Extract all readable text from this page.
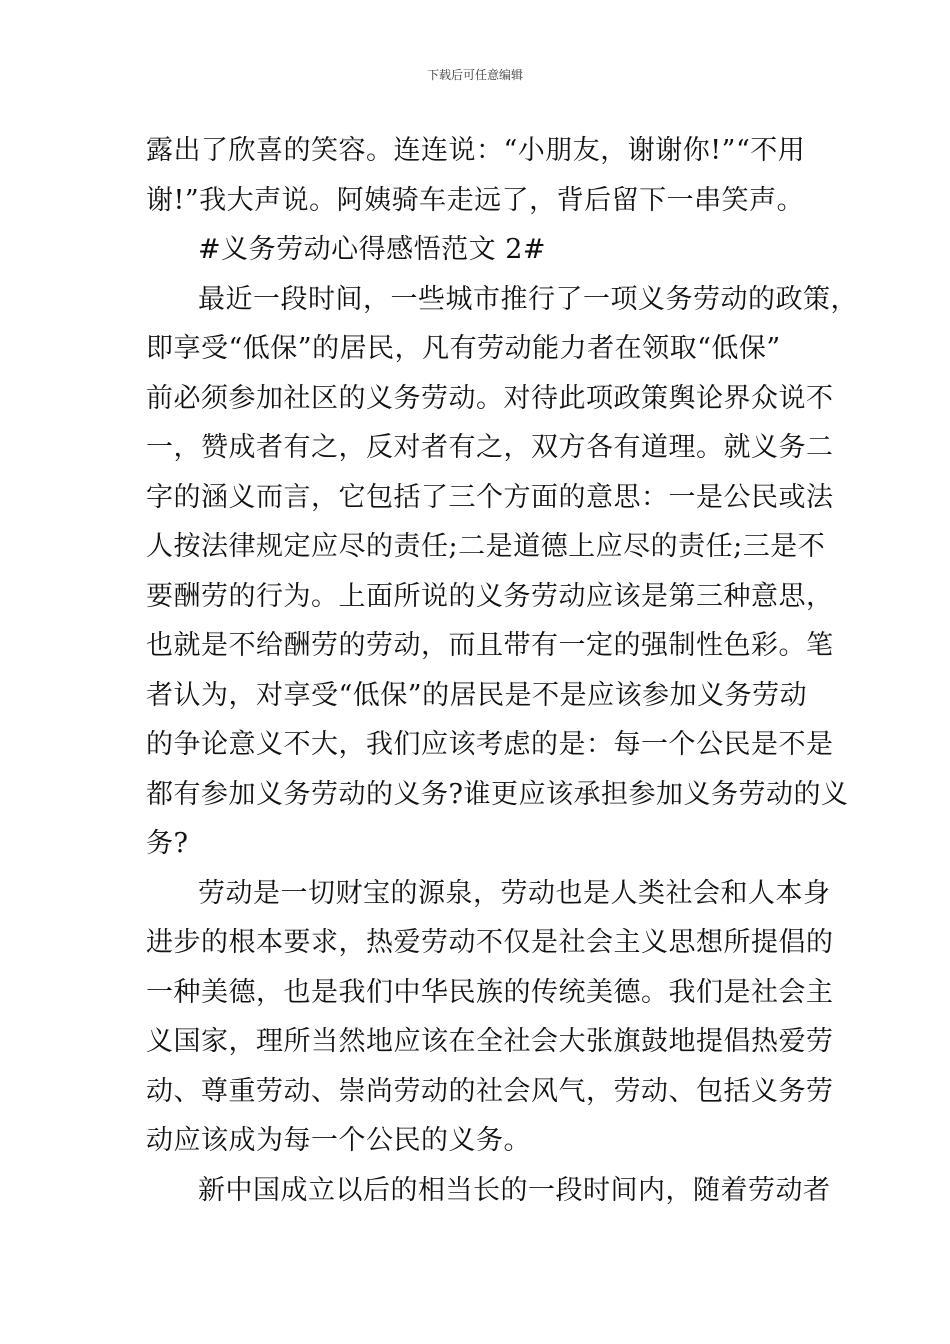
下载后可任意编辑
露出了欣喜的笑容。连连说：“小朋友，谢谢你!”“不用
谢!”我大声说。阿姨骑车走远了，背后留下一串笑声。
#义务劳动心得感悟范文 2#
最近一段时间，一些城市推行了一项义务劳动的政策，
即享受“低保”的居民，凡有劳动能力者在领取“低保”
前必须参加社区的义务劳动。对待此项政策舆论界众说不
一，赞成者有之，反对者有之，双方各有道理。就义务二
字的涵义而言，它包括了三个方面的意思：一是公民或法
人按法律规定应尽的责任;二是道德上应尽的责任;三是不
要酬劳的行为。上面所说的义务劳动应该是第三种意思，
也就是不给酬劳的劳动，而且带有一定的强制性色彩。笔
者认为，对享受“低保”的居民是不是应该参加义务劳动
的争论意义不大，我们应该考虑的是：每一个公民是不是
都有参加义务劳动的义务?谁更应该承担参加义务劳动的义
务?
劳动是一切财宝的源泉，劳动也是人类社会和人本身
进步的根本要求，热爱劳动不仅是社会主义思想所提倡的
一种美德，也是我们中华民族的传统美德。我们是社会主
义国家，理所当然地应该在全社会大张旗鼓地提倡热爱劳
动、尊重劳动、崇尚劳动的社会风气，劳动、包括义务劳
动应该成为每一个公民的义务。
新中国成立以后的相当长的一段时间内，随着劳动者
